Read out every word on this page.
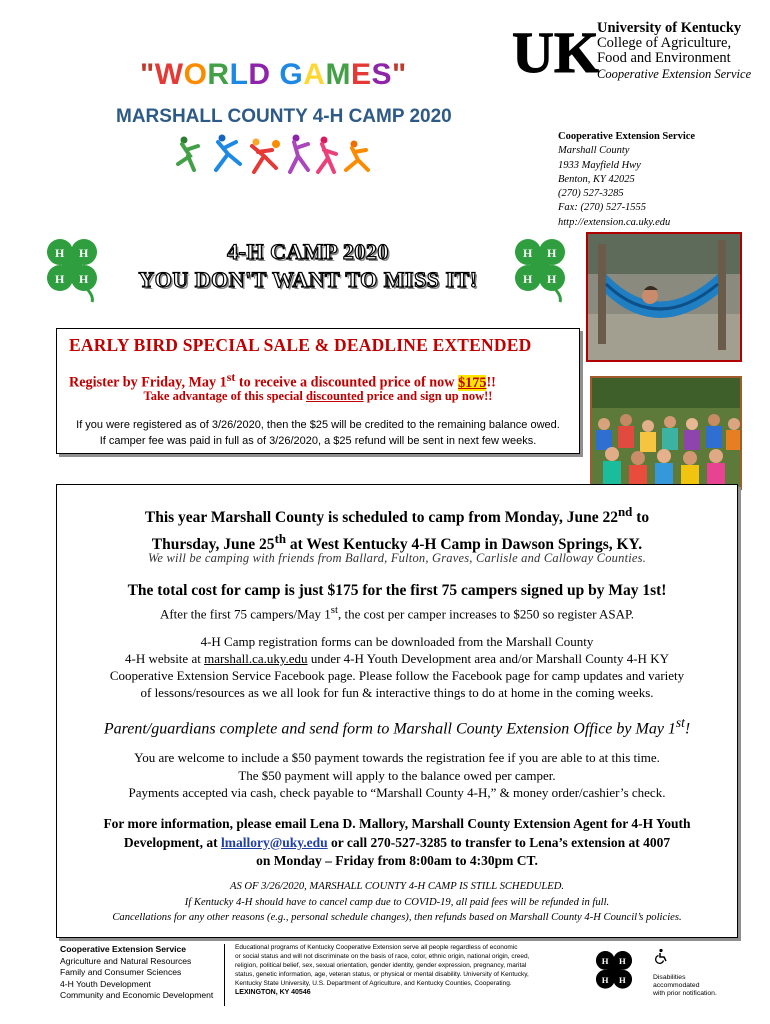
"WORLD GAMES"
MARSHALL COUNTY 4-H CAMP 2020
UK
University of Kentucky
College of Agriculture,
Food and Environment
Cooperative Extension Service
Cooperative Extension Service
Marshall County
1933 Mayfield Hwy
Benton, KY 42025
(270) 527-3285
Fax: (270) 527-1555
http://extension.ca.uky.edu
H H
H H
H H
H H
4-H CAMP 2020
YOU DON'T WANT TO MISS IT!
EARLY BIRD SPECIAL SALE & DEADLINE EXTENDED
Register by Friday, May 1st to receive a discounted price of now $175!!
Take advantage of this special discounted price and sign up now!!
If you were registered as of 3/26/2020, then the $25 will be credited to the remaining balance owed.
If camper fee was paid in full as of 3/26/2020, a $25 refund will be sent in next few weeks.
This year Marshall County is scheduled to camp from Monday, June 22nd to
Thursday, June 25th at West Kentucky 4-H Camp in Dawson Springs, KY.
We will be camping with friends from Ballard, Fulton, Graves, Carlisle and Calloway Counties.
The total cost for camp is just $175 for the first 75 campers signed up by May 1st!
After the first 75 campers/May 1st, the cost per camper increases to $250 so register ASAP.
4-H Camp registration forms can be downloaded from the Marshall County
4-H website at marshall.ca.uky.edu under 4-H Youth Development area and/or Marshall County 4-H KY
Cooperative Extension Service Facebook page. Please follow the Facebook page for camp updates and variety
of lessons/resources as we all look for fun & interactive things to do at home in the coming weeks.
Parent/guardians complete and send form to Marshall County Extension Office by May 1st!
You are welcome to include a $50 payment towards the registration fee if you are able to at this time.
The $50 payment will apply to the balance owed per camper.
Payments accepted via cash, check payable to “Marshall County 4-H,” & money order/cashier’s check.
For more information, please email Lena D. Mallory, Marshall County Extension Agent for 4-H Youth
Development, at lmallory@uky.edu or call 270-527-3285 to transfer to Lena’s extension at 4007
on Monday – Friday from 8:00am to 4:30pm CT.
AS OF 3/26/2020, MARSHALL COUNTY 4-H CAMP IS STILL SCHEDULED.
If Kentucky 4-H should have to cancel camp due to COVID-19, all paid fees will be refunded in full.
Cancellations for any other reasons (e.g., personal schedule changes), then refunds based on Marshall County 4-H Council’s policies.
Cooperative Extension Service
Agriculture and Natural Resources
Family and Consumer Sciences
4-H Youth Development
Community and Economic Development
Educational programs of Kentucky Cooperative Extension serve all people regardless of economic
or social status and will not discriminate on the basis of race, color, ethnic origin, national origin, creed,
religion, political belief, sex, sexual orientation, gender identity, gender expression, pregnancy, marital
status, genetic information, age, veteran status, or physical or mental disability. University of Kentucky,
Kentucky State University, U.S. Department of Agriculture, and Kentucky Counties, Cooperating.
LEXINGTON, KY 40546
H H
H H	Disabilities
accommodated
with prior notification.
